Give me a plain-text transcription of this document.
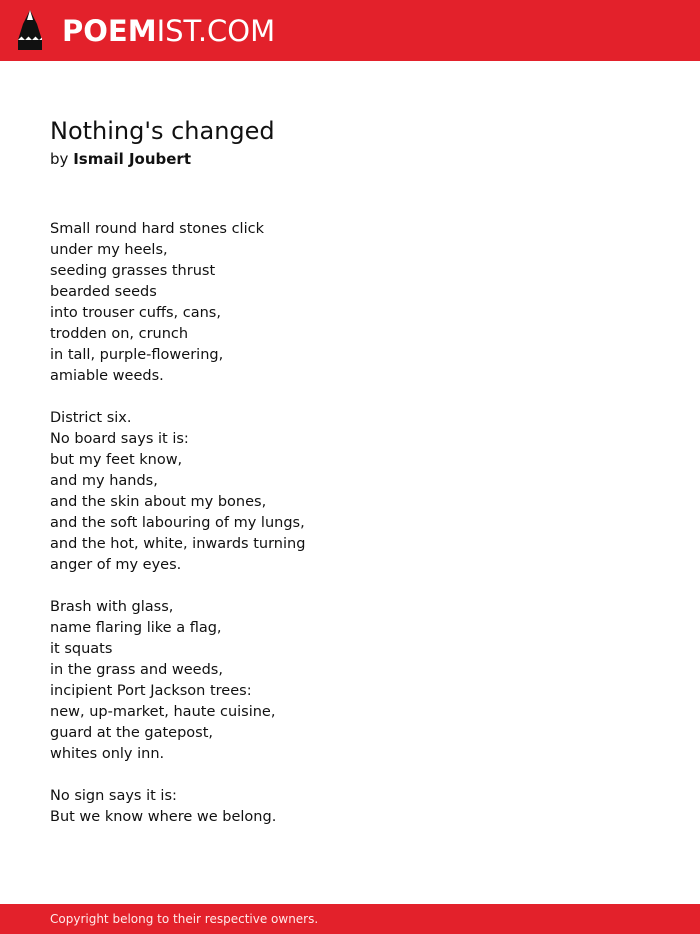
POEMIST.COM
Nothing's changed
by Ismail Joubert
Small round hard stones click
under my heels,
seeding grasses thrust
bearded seeds
into trouser cuffs, cans,
trodden on, crunch
in tall, purple-flowering,
amiable weeds.
District six.
No board says it is:
but my feet know,
and my hands,
and the skin about my bones,
and the soft labouring of my lungs,
and the hot, white, inwards turning
anger of my eyes.
Brash with glass,
name flaring like a flag,
it squats
in the grass and weeds,
incipient Port Jackson trees:
new, up-market, haute cuisine,
guard at the gatepost,
whites only inn.
No sign says it is:
But we know where we belong.
Copyright belong to their respective owners.
